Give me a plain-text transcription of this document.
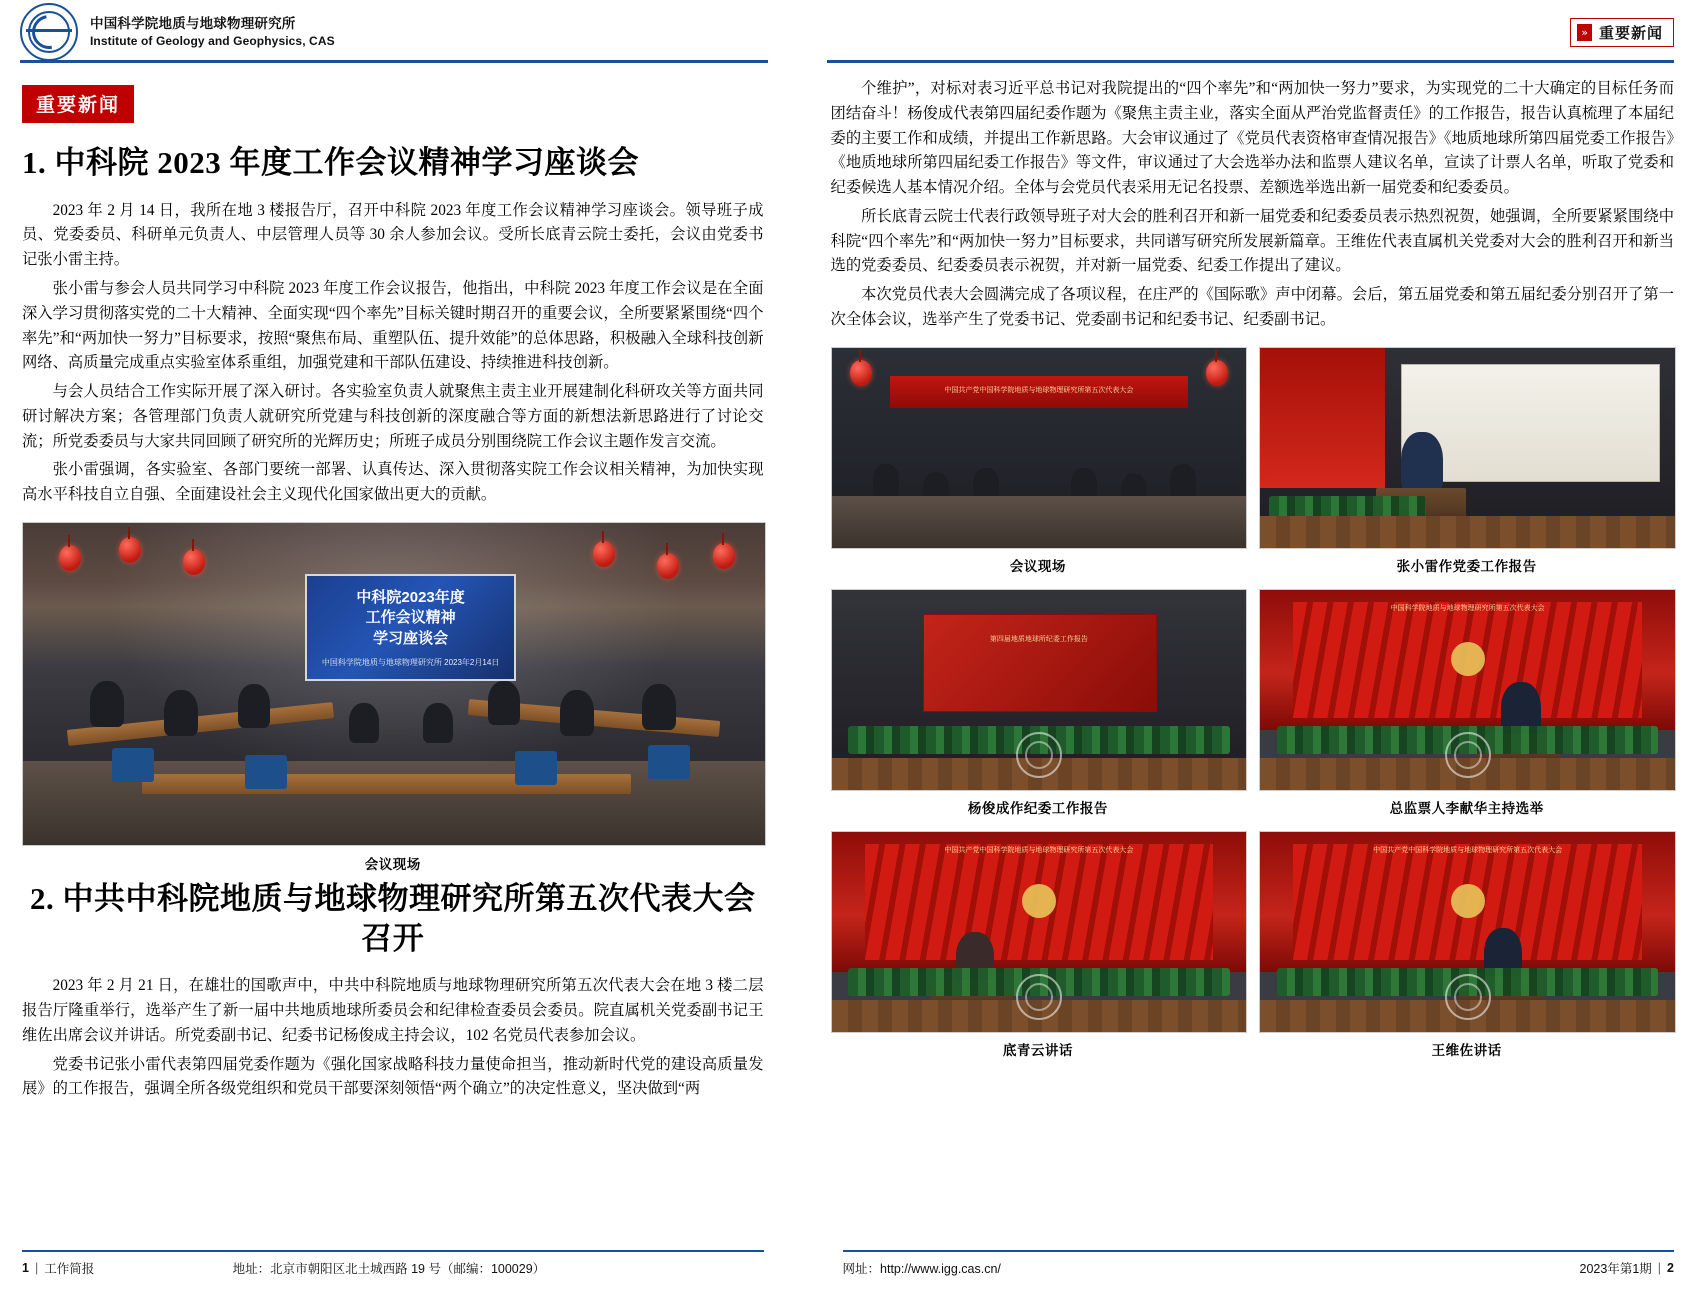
中国科学院地质与地球物理研究所
Institute of Geology and Geophysics, CAS
重要新闻
1. 中科院 2023 年度工作会议精神学习座谈会

2023 年 2 月 14 日，我所在地 3 楼报告厅，召开中科院 2023 年度工作会议精神学习座谈会。领导班子成员、党委委员、科研单元负责人、中层管理人员等 30 余人参加会议。受所长底青云院士委托，会议由党委书记张小雷主持。

张小雷与参会人员共同学习中科院 2023 年度工作会议报告，他指出，中科院 2023 年度工作会议是在全面深入学习贯彻落实党的二十大精神、全面实现“四个率先”目标关键时期召开的重要会议，全所要紧紧围绕“四个率先”和“两加快一努力”目标要求，按照“聚焦布局、重塑队伍、提升效能”的总体思路，积极融入全球科技创新网络、高质量完成重点实验室体系重组，加强党建和干部队伍建设、持续推进科技创新。

与会人员结合工作实际开展了深入研讨。各实验室负责人就聚焦主责主业开展建制化科研攻关等方面共同研讨解决方案；各管理部门负责人就研究所党建与科技创新的深度融合等方面的新想法新思路进行了讨论交流；所党委委员与大家共同回顾了研究所的光辉历史；所班子成员分别围绕院工作会议主题作发言交流。

张小雷强调，各实验室、各部门要统一部署、认真传达、深入贯彻落实院工作会议相关精神，为加快实现高水平科技自立自强、全面建设社会主义现代化国家做出更大的贡献。

中科院2023年度
工作会议精神
学习座谈会
中国科学院地质与地球物理研究所 2023年2月14日
会议现场
2. 中共中科院地质与地球物理研究所第五次代表大会召开

2023 年 2 月 21 日，在雄壮的国歌声中，中共中科院地质与地球物理研究所第五次代表大会在地 3 楼二层报告厅隆重举行，选举产生了新一届中共地质地球所委员会和纪律检查委员会委员。院直属机关党委副书记王维佐出席会议并讲话。所党委副书记、纪委书记杨俊成主持会议，102 名党员代表参加会议。

党委书记张小雷代表第四届党委作题为《强化国家战略科技力量使命担当，推动新时代党的建设高质量发展》的工作报告，强调全所各级党组织和党员干部要深刻领悟“两个确立”的决定性意义，坚决做到“两

1 | 工作简报	地址：北京市朝阳区北土城西路 19 号（邮编：100029）
» 重要新闻

个维护”，对标对表习近平总书记对我院提出的“四个率先”和“两加快一努力”要求，为实现党的二十大确定的目标任务而团结奋斗！杨俊成代表第四届纪委作题为《聚焦主责主业，落实全面从严治党监督责任》的工作报告，报告认真梳理了本届纪委的主要工作和成绩，并提出工作新思路。大会审议通过了《党员代表资格审查情况报告》《地质地球所第四届党委工作报告》《地质地球所第四届纪委工作报告》等文件，审议通过了大会选举办法和监票人建议名单，宣读了计票人名单，听取了党委和纪委候选人基本情况介绍。全体与会党员代表采用无记名投票、差额选举选出新一届党委和纪委委员。

所长底青云院士代表行政领导班子对大会的胜利召开和新一届党委和纪委委员表示热烈祝贺，她强调，全所要紧紧围绕中科院“四个率先”和“两加快一努力”目标要求，共同谱写研究所发展新篇章。王维佐代表直属机关党委对大会的胜利召开和新当选的党委委员、纪委委员表示祝贺，并对新一届党委、纪委工作提出了建议。

本次党员代表大会圆满完成了各项议程，在庄严的《国际歌》声中闭幕。会后，第五届党委和第五届纪委分别召开了第一次全体会议，选举产生了党委书记、党委副书记和纪委书记、纪委副书记。

中国共产党中国科学院地质与地球物理研究所第五次代表大会
会议现场	张小雷作党委工作报告
第四届地质地球所纪委工作报告
杨俊成作纪委工作报告
中国科学院地质与地球物理研究所第五次代表大会
总监票人李献华主持选举
中国共产党中国科学院地质与地球物理研究所第五次代表大会
底青云讲话
中国共产党中国科学院地质与地球物理研究所第五次代表大会
王维佐讲话
网址：http://www.igg.cas.cn/	2023年第1期 | 2
